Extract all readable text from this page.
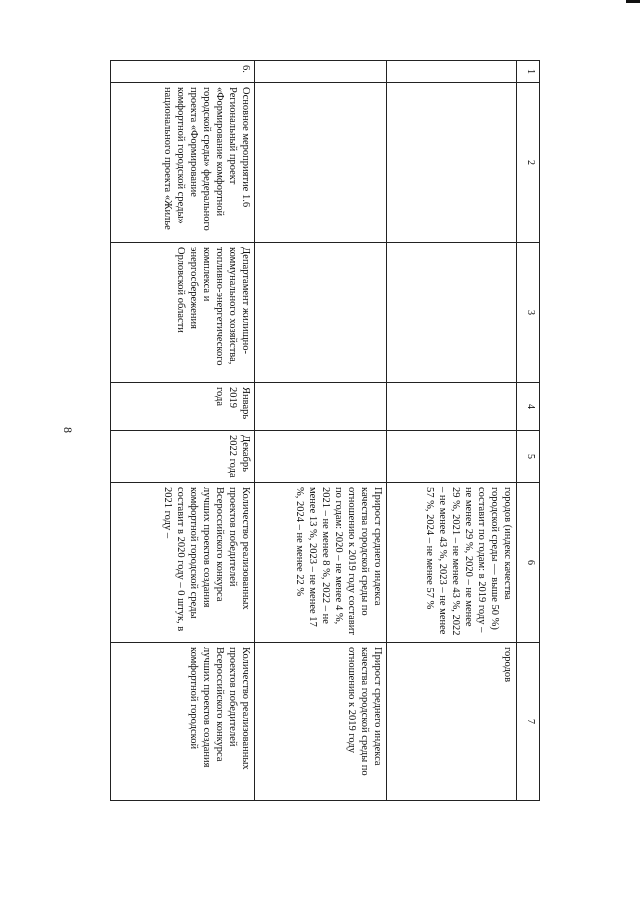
8
1	2	3	4	5	6	7
					городов (индекс качества городской среды — выше 50 %) составит по годам: в 2019 году – не менее 29 %, 2020 – не менее 29 %, 2021 – не менее 43 %, 2022 – не менее 43 %, 2023 – не менее 57 %, 2024 – не менее 57 %	городов
					Прирост среднего индекса качества городской среды по отношению к 2019 году составит по годам: 2020 – не менее 4 %, 2021 – не менее 8 %, 2022 – не менее 13 %, 2023 – не менее 17 %, 2024 – не менее 22 %	Прирост среднего индекса качества городской среды по отношению к 2019 году
6.	Основное мероприятие 1.6 Региональный проект «Формирование комфортной городской среды» федерального проекта «Формирование комфортной городской среды» национального проекта «Жилье	Департамент жилищно-коммунального хозяйства, топливно-энергетического комплекса и энергосбережения Орловской области	Январь 2019 года	Декабрь 2022 года	Количество реализованных проектов победителей Всероссийского конкурса лучших проектов создания комфортной городской среды составит в 2020 году – 0 штук, в 2021 году –	Количество реализованных проектов победителей Всероссийского конкурса лучших проектов создания комфортной городской
